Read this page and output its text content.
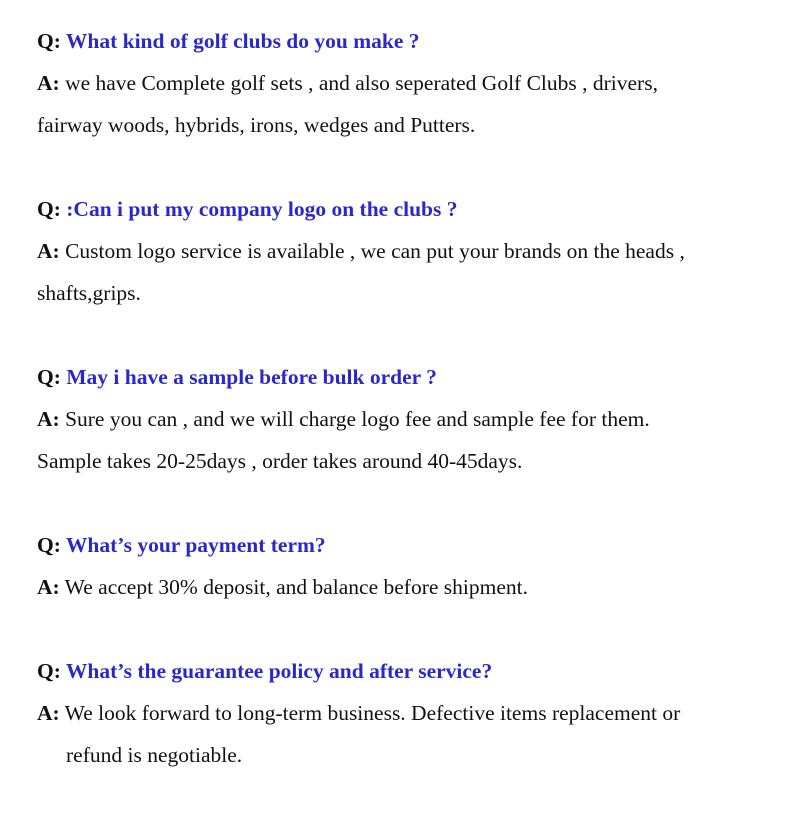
Q: What kind of golf clubs do you make ?
A: we have Complete golf sets , and also seperated Golf Clubs , drivers,
fairway woods, hybrids, irons, wedges and Putters.
Q: :Can i put my company logo on the clubs ?
A: Custom logo service is available , we can put your brands on the heads ,
shafts,grips.
Q: May i have a sample before bulk order ?
A: Sure you can , and we will charge logo fee and sample fee for them.
Sample takes 20-25days , order takes around 40-45days.
Q: What’s your payment term?
A: We accept 30% deposit, and balance before shipment.
Q: What’s the guarantee policy and after service?
A: We look forward to long-term business. Defective items replacement or
refund is negotiable.
